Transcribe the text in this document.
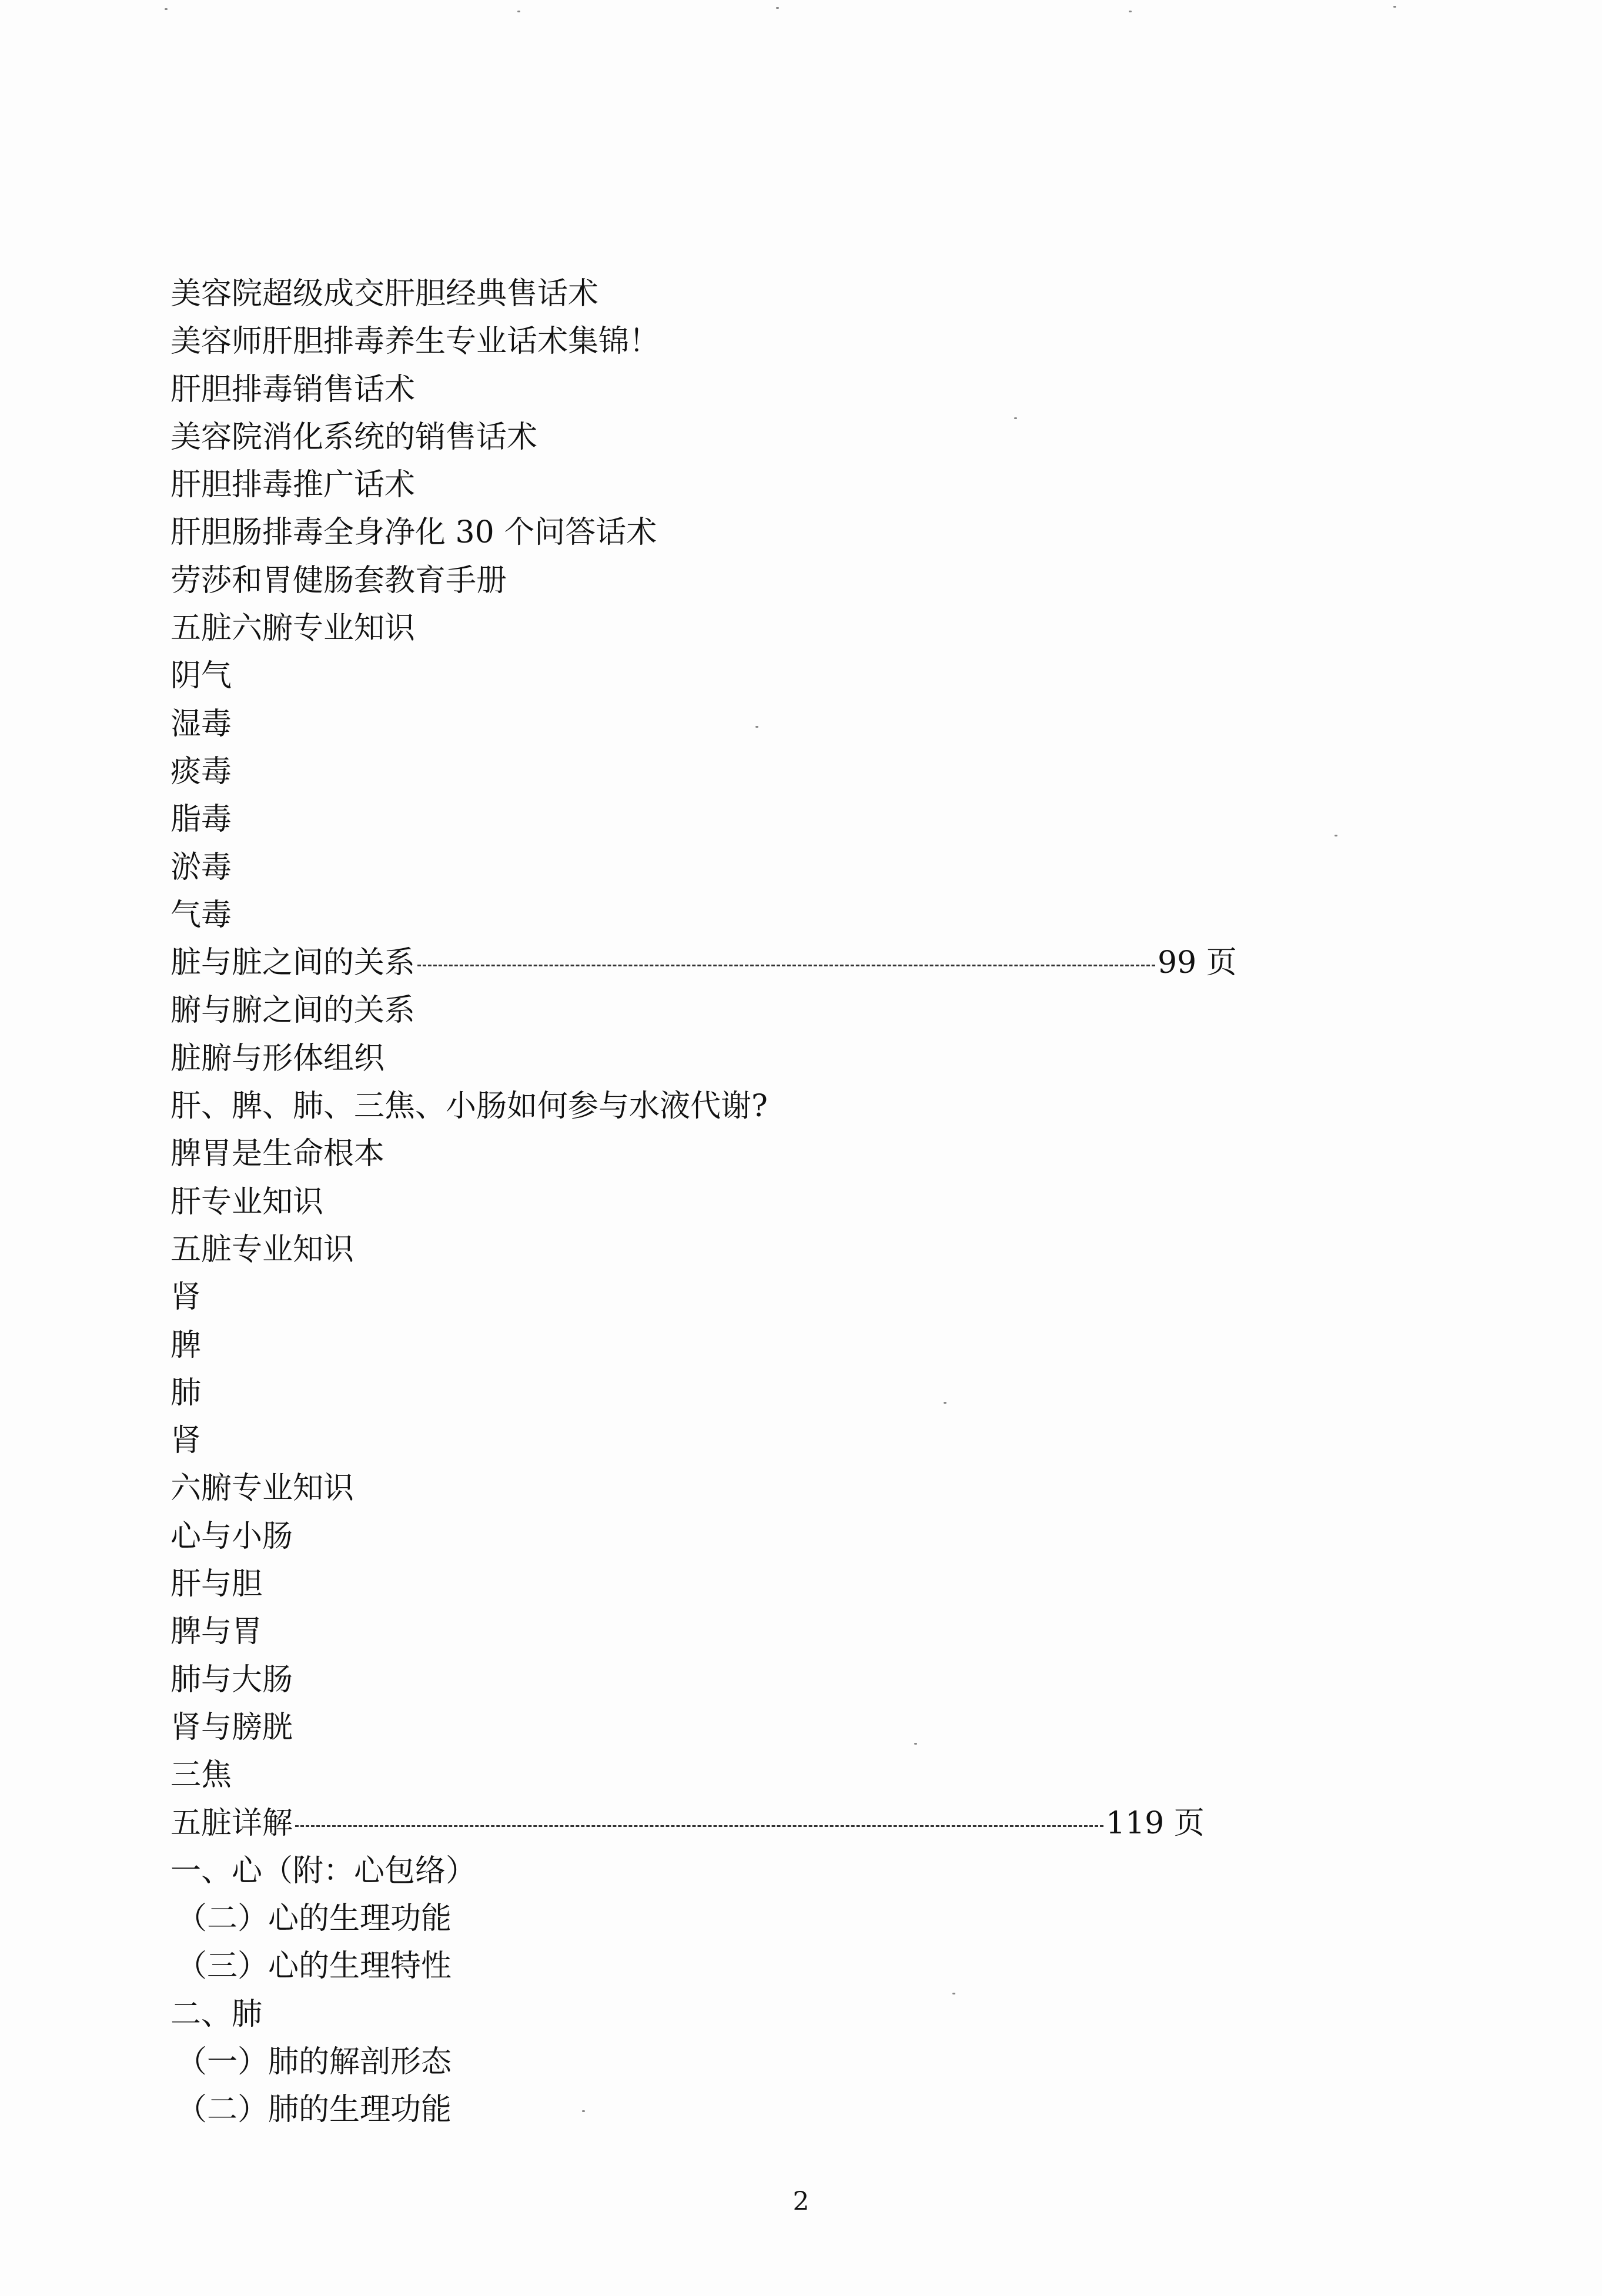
美容院超级成交肝胆经典售话术
美容师肝胆排毒养生专业话术集锦！
肝胆排毒销售话术
美容院消化系统的销售话术
肝胆排毒推广话术
肝胆肠排毒全身净化 30 个问答话术
劳莎和胃健肠套教育手册
五脏六腑专业知识
阴气
湿毒
痰毒
脂毒
淤毒
气毒
脏与脏之间的关系	99 页
腑与腑之间的关系
脏腑与形体组织
肝、脾、肺、三焦、小肠如何参与水液代谢?
脾胃是生命根本
肝专业知识
五脏专业知识
肾
脾
肺
肾
六腑专业知识
心与小肠
肝与胆
脾与胃
肺与大肠
肾与膀胱
三焦
五脏详解	119 页
一、心（附：心包络）
（二）心的生理功能
（三）心的生理特性
二、肺
（一）肺的解剖形态
（二）肺的生理功能
2
